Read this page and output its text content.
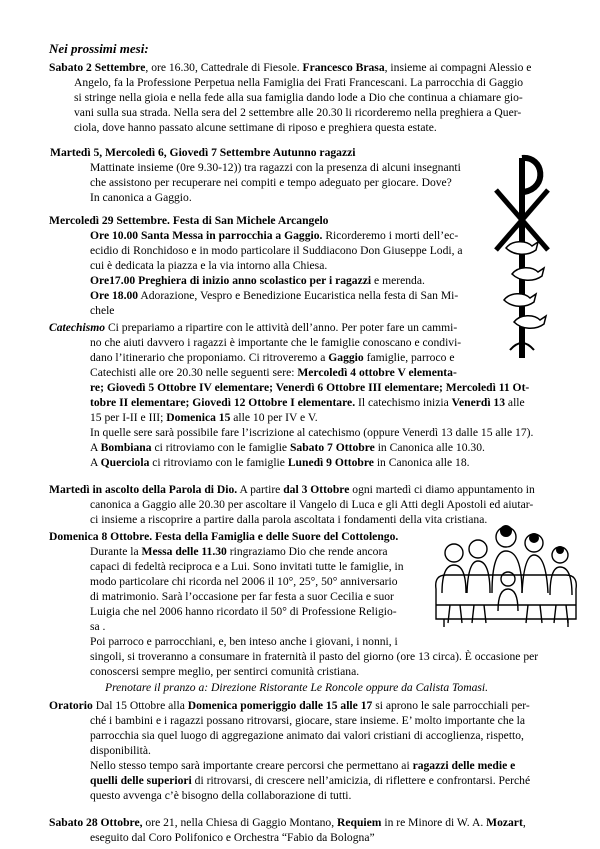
Nei prossimi mesi:

Sabato 2 Settembre, ore 16.30, Cattedrale di Fiesole. Francesco Brasa, insieme ai compagni Alessio e

Angelo, fa la Professione Perpetua nella Famiglia dei Frati Francescani. La parrocchia di Gaggio

si stringe nella gioia e nella fede alla sua famiglia dando lode a Dio che continua a chiamare gio-

vani sulla sua strada. Nella sera del 2 settembre alle 20.30 li ricorderemo nella preghiera a Quer-

ciola, dove hanno passato alcune settimane di riposo e preghiera questa estate.

Martedì 5, Mercoledì 6, Giovedì 7 Settembre Autunno ragazzi

Mattinate insieme (0re 9.30-12)) tra ragazzi con la presenza di alcuni insegnanti

che assistono per recuperare nei compiti e tempo adeguato per giocare. Dove?

In canonica a Gaggio.

Mercoledì 29 Settembre. Festa di San Michele Arcangelo

Ore 10.00 Santa Messa in parrocchia a Gaggio. Ricorderemo i morti dell’ec-

ecidio di Ronchidoso e in modo particolare il Suddiacono Don Giuseppe Lodi, a

cui è dedicata la piazza e la via intorno alla Chiesa.

Ore17.00 Preghiera di inizio anno scolastico per i ragazzi e merenda.

Ore 18.00 Adorazione, Vespro e Benedizione Eucaristica nella festa di San Mi-

chele

Catechismo Ci prepariamo a ripartire con le attività dell’anno. Per poter fare un cammi-

no che aiuti davvero i ragazzi è importante che le famiglie conoscano e condivi-

dano l’itinerario che proponiamo. Ci ritroveremo a Gaggio famiglie, parroco e

Catechisti alle ore 20.30 nelle seguenti sere: Mercoledì 4 ottobre V elementa-

re; Giovedì 5 Ottobre IV elementare; Venerdì 6 Ottobre III elementare; Mercoledì 11 Ot-

tobre II elementare; Giovedì 12 Ottobre I elementare. Il catechismo inizia Venerdì 13 alle

15 per I-II e III; Domenica 15 alle 10 per IV e V.

In quelle sere sarà possibile fare l’iscrizione al catechismo (oppure Venerdì 13 dalle 15 alle 17).

A Bombiana ci ritroviamo con le famiglie Sabato 7 Ottobre in Canonica alle 10.30.

A Querciola ci ritroviamo con le famiglie Lunedì 9 Ottobre in Canonica alle 18.

Martedì in ascolto della Parola di Dio. A partire dal 3 Ottobre ogni martedì ci diamo appuntamento in

canonica a Gaggio alle 20.30 per ascoltare il Vangelo di Luca e gli Atti degli Apostoli ed aiutar-

ci insieme a riscoprire a partire dalla parola ascoltata i fondamenti della vita cristiana.

Domenica 8 Ottobre. Festa della Famiglia e delle Suore del Cottolengo.

Durante la Messa delle 11.30 ringraziamo Dio che rende ancora

capaci di fedeltà reciproca e a Lui. Sono invitati tutte le famiglie, in

modo particolare chi ricorda nel 2006 il 10°, 25°, 50° anniversario

di matrimonio. Sarà l’occasione per far festa a suor Cecilia e suor

Luigia che nel 2006 hanno ricordato il 50° di Professione Religio-

sa .

Poi parroco e parrocchiani, e, ben inteso anche i giovani, i nonni, i

singoli, si troveranno a consumare in fraternità il pasto del giorno (ore 13 circa). È occasione per

conoscersi sempre meglio, per sentirci comunità cristiana.

Prenotare il pranzo a: Direzione Ristorante Le Roncole oppure da Calista Tomasi.

Oratorio Dal 15 Ottobre alla Domenica pomeriggio dalle 15 alle 17 si aprono le sale parrocchiali per-

ché i bambini e i ragazzi possano ritrovarsi, giocare, stare insieme. E’ molto importante che la

parrocchia sia quel luogo di aggregazione animato dai valori cristiani di accoglienza, rispetto,

disponibilità.

Nello stesso tempo sarà importante creare percorsi che permettano ai ragazzi delle medie e

quelli delle superiori di ritrovarsi, di crescere nell’amicizia, di riflettere e confrontarsi. Perché

questo avvenga c’è bisogno della collaborazione di tutti.

Sabato 28 Ottobre, ore 21, nella Chiesa di Gaggio Montano, Requiem in re Minore di W. A. Mozart,

eseguito dal Coro Polifonico e Orchestra “Fabio da Bologna”
